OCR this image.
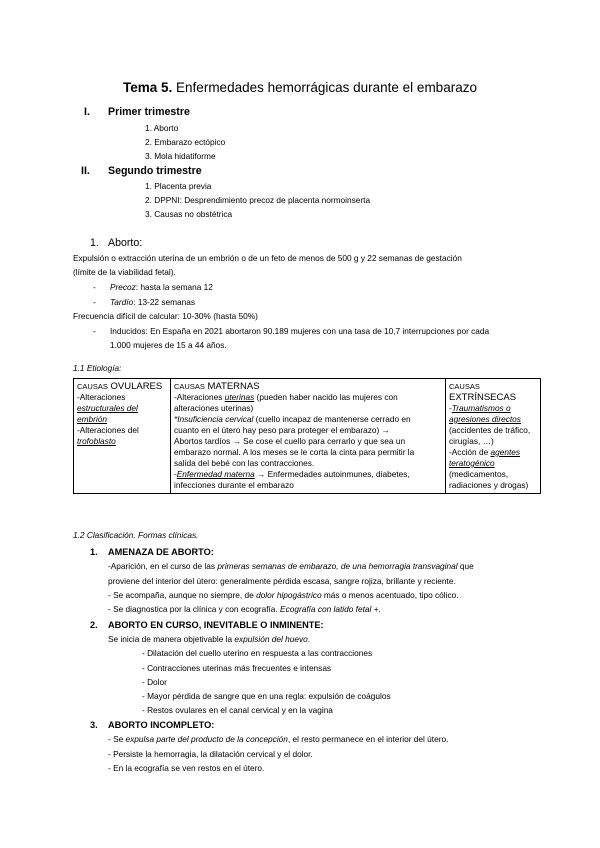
Tema 5. Enfermedades hemorrágicas durante el embarazo
I. Primer trimestre
1. Aborto
2. Embarazo ectópico
3. Mola hidatiforme
II. Segundo trimestre
1. Placenta previa
2. DPPNI: Desprendimiento precoz de placenta normoinserta
3. Causas no obstétrica
1. Aborto:
Expulsión o extracción uterina de un embrión o de un feto de menos de 500 g y 22 semanas de gestación
(límite de la viabilidad fetal).
- Precoz: hasta la semana 12
- Tardío: 13-22 semanas
Frecuencia difícil de calcular: 10-30% (hasta 50%)
- Inducidos: En España en 2021 abortaron 90.189 mujeres con una tasa de 10,7 interrupciones por cada
1.000 mujeres de 15 a 44 años.
1.1 Etiología:
CAUSAS OVULARES
-Alteraciones
estructurales del
embrión
-Alteraciones del
trofoblasto

CAUSAS MATERNAS
-Alteraciones uterinas (pueden haber nacido las mujeres con
alteraciones uterinas)
*Insuficiencia cervical (cuello incapaz de mantenerse cerrado en
cuanto en el útero hay peso para proteger el embarazo) →
Abortos tardíos → Se cose el cuello para cerrarlo y que sea un
embarazo normal. A los meses se le corta la cinta para permitir la
salida del bebé con las contracciones.
-Enfermedad materna → Enfermedades autoinmunes, diabetes,
infecciones durante el embarazo

CAUSAS EXTRÍNSECAS
-Traumatismos o
agresiones directos
(accidentes de tráfico,
cirugías, …)
-Acción de agentes
teratogénico
(medicamentos,
radiaciones y drogas)
1.2 Clasificación. Formas clínicas.
1. AMENAZA DE ABORTO:
-Aparición, en el curso de las primeras semanas de embarazo, de una hemorragia transvaginal que
proviene del interior del útero: generalmente pérdida escasa, sangre rojiza, brillante y reciente.
- Se acompaña, aunque no siempre, de dolor hipogástrico más o menos acentuado, tipo cólico.
- Se diagnostica por la clínica y con ecografía. Ecografía con latido fetal +.
2. ABORTO EN CURSO, INEVITABLE O INMINENTE:
Se inicia de manera objetivable la expulsión del huevo.
- Dilatación del cuello uterino en respuesta a las contracciones
- Contracciones uterinas más frecuentes e intensas
- Dolor
- Mayor pérdida de sangre que en una regla: expulsión de coágulos
- Restos ovulares en el canal cervical y en la vagina
3. ABORTO INCOMPLETO:
- Se expulsa parte del producto de la concepción, el resto permanece en el interior del útero.
- Persiste la hemorragia, la dilatación cervical y el dolor.
- En la ecografía se ven restos en el útero.
